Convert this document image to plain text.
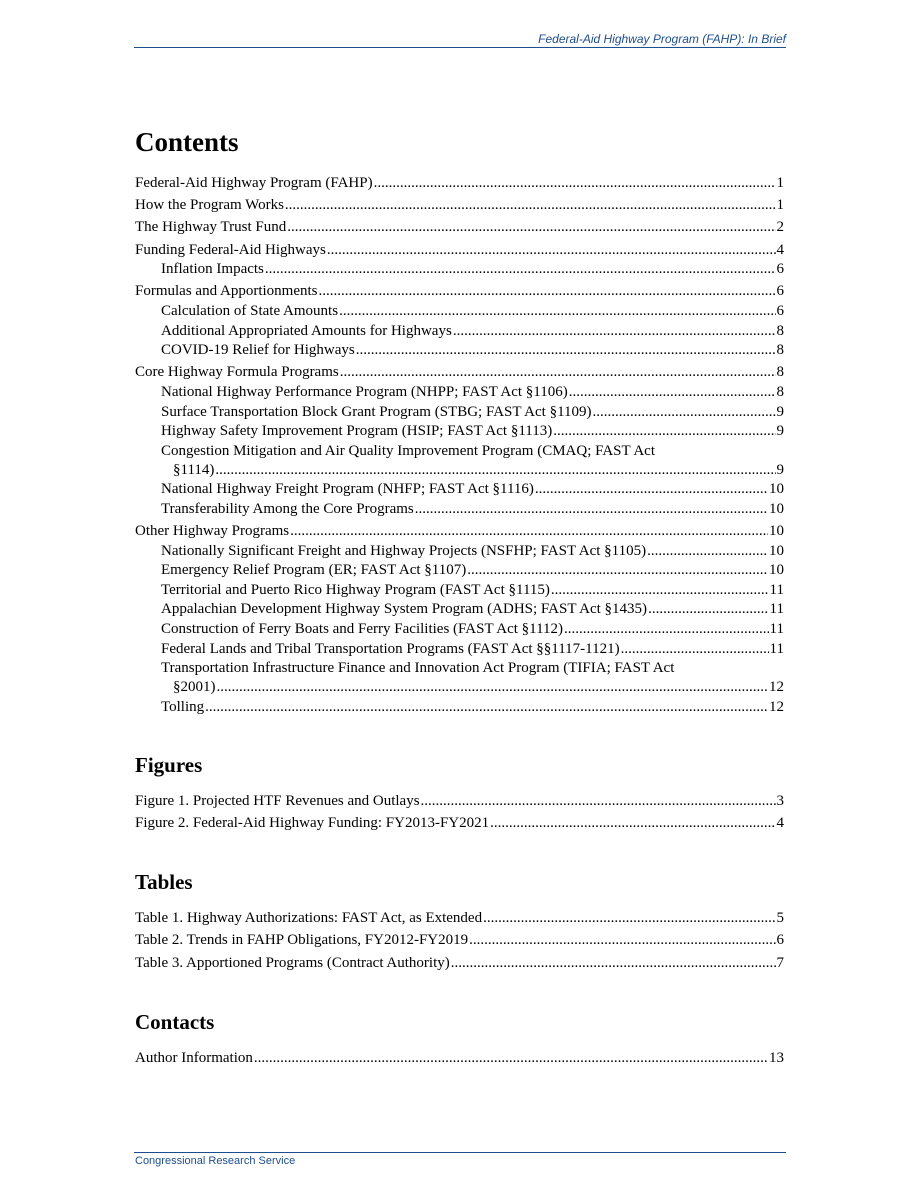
Federal-Aid Highway Program (FAHP): In Brief
Contents
Federal-Aid Highway Program (FAHP) .....	1
How the Program Works .....	1
The Highway Trust Fund .....	2
Funding Federal-Aid Highways .....	4
Inflation Impacts .....	6
Formulas and Apportionments .....	6
Calculation of State Amounts .....	6
Additional Appropriated Amounts for Highways .....	8
COVID-19 Relief for Highways .....	8
Core Highway Formula Programs .....	8
National Highway Performance Program (NHPP; FAST Act §1106) .....	8
Surface Transportation Block Grant Program (STBG; FAST Act §1109) .....	9
Highway Safety Improvement Program (HSIP; FAST Act §1113) .....	9
Congestion Mitigation and Air Quality Improvement Program (CMAQ; FAST Act
§1114) .....	9
National Highway Freight Program (NHFP; FAST Act §1116) .....	10
Transferability Among the Core Programs .....	10
Other Highway Programs .....	10
Nationally Significant Freight and Highway Projects (NSFHP; FAST Act §1105) .....	10
Emergency Relief Program (ER; FAST Act §1107) .....	10
Territorial and Puerto Rico Highway Program (FAST Act §1115) .....	11
Appalachian Development Highway System Program (ADHS; FAST Act §1435) .....	11
Construction of Ferry Boats and Ferry Facilities (FAST Act §1112) .....	11
Federal Lands and Tribal Transportation Programs (FAST Act §§1117-1121) .....	11
Transportation Infrastructure Finance and Innovation Act Program (TIFIA; FAST Act
§2001) .....	12
Tolling .....	12
Figures
Figure 1. Projected HTF Revenues and Outlays .....	3
Figure 2. Federal-Aid Highway Funding: FY2013-FY2021 .....	4
Tables
Table 1. Highway Authorizations: FAST Act, as Extended .....	5
Table 2. Trends in FAHP Obligations, FY2012-FY2019 .....	6
Table 3. Apportioned Programs (Contract Authority) .....	7
Contacts
Author Information .....	13
Congressional Research Service
